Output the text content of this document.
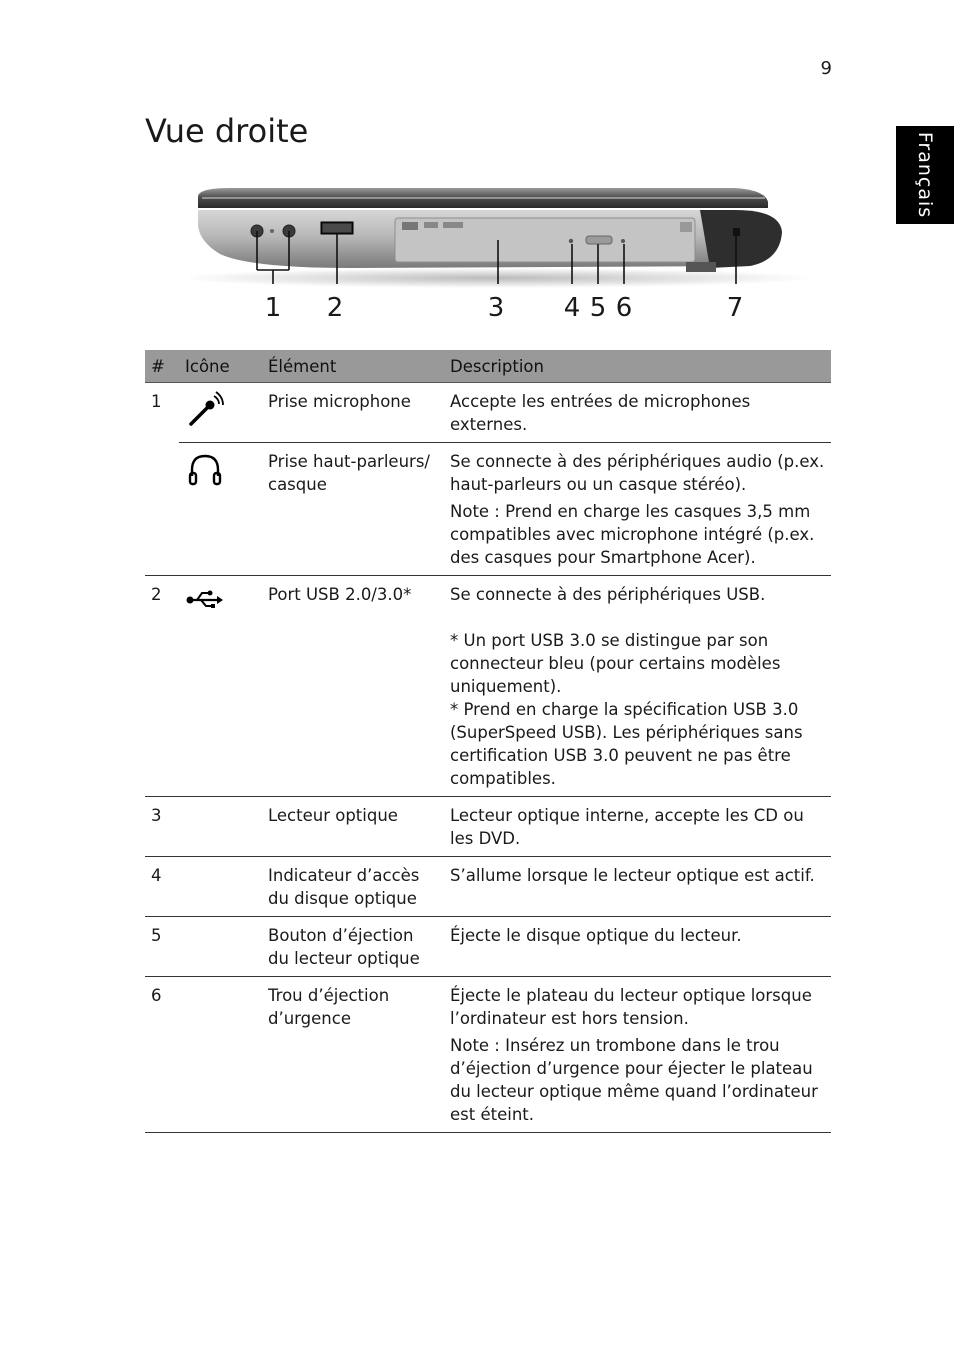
9
Français
Vue droite
1 2	3 4 5 6	7
#	Icône	Élément	Description
1		Prise microphone	Accepte les entrées de microphones externes.
		Prise haut-parleurs/ casque	Se connecte à des périphériques audio (p.ex. haut-parleurs ou un casque stéréo).

Note : Prend en charge les casques 3,5 mm compatibles avec microphone intégré (p.ex. des casques pour Smartphone Acer).

2		Port USB 2.0/3.0*	Se connecte à des périphériques USB.

* Un port USB 3.0 se distingue par son connecteur bleu (pour certains modèles uniquement).

* Prend en charge la spécification USB 3.0 (SuperSpeed USB). Les périphériques sans certification USB 3.0 peuvent ne pas être compatibles.

3		Lecteur optique	Lecteur optique interne, accepte les CD ou les DVD.
4		Indicateur d’accès du disque optique	S’allume lorsque le lecteur optique est actif.
5		Bouton d’éjection du lecteur optique	Éjecte le disque optique du lecteur.
6		Trou d’éjection d’urgence	Éjecte le plateau du lecteur optique lorsque l’ordinateur est hors tension.

Note : Insérez un trombone dans le trou d’éjection d’urgence pour éjecter le plateau du lecteur optique même quand l’ordinateur est éteint.
